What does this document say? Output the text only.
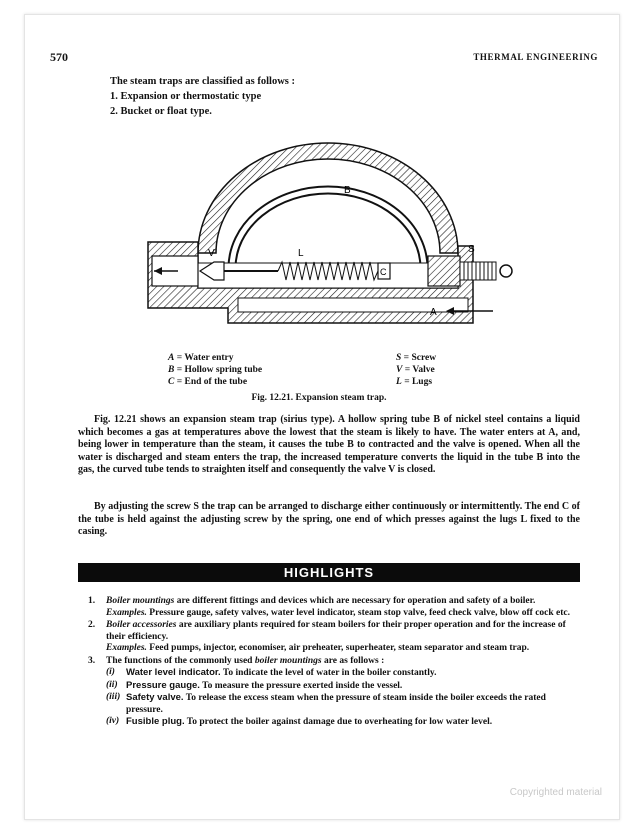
570	THERMAL ENGINEERING
The steam traps are classified as follows :
1. Expansion or thermostatic type
2. Bucket or float type.
B
L
C
S
V
A
A = Water entry
B = Hollow spring tube
C = End of the tube
S = Screw
V = Valve
L = Lugs
Fig. 12.21. Expansion steam trap.
Fig. 12.21 shows an expansion steam trap (sirius type). A hollow spring tube B of nickel steel contains a liquid which becomes a gas at temperatures above the lowest that the steam is likely to have. The water enters at A, and, being lower in temperature than the steam, it causes the tube B to contracted and the valve is opened. When all the water is discharged and steam enters the trap, the increased temperature converts the liquid in the tube B into the gas, the curved tube tends to straighten itself and consequently the valve V is closed.
By adjusting the screw S the trap can be arranged to discharge either continuously or intermittently. The end C of the tube is held against the adjusting screw by the spring, one end of which presses against the lugs L fixed to the casing.
HIGHLIGHTS
1. Boiler mountings are different fittings and devices which are necessary for operation and safety of a boiler.
Examples. Pressure gauge, safety valves, water level indicator, steam stop valve, feed check valve, blow off cock etc.
2. Boiler accessories are auxiliary plants required for steam boilers for their proper operation and for the increase of their efficiency.
Examples. Feed pumps, injector, economiser, air preheater, superheater, steam separator and steam trap.
3. The functions of the commonly used boiler mountings are as follows :
(i) Water level indicator. To indicate the level of water in the boiler constantly.
(ii) Pressure gauge. To measure the pressure exerted inside the vessel.
(iii) Safety valve. To release the excess steam when the pressure of steam inside the boiler exceeds the rated pressure.
(iv) Fusible plug. To protect the boiler against damage due to overheating for low water level.
Copyrighted material
